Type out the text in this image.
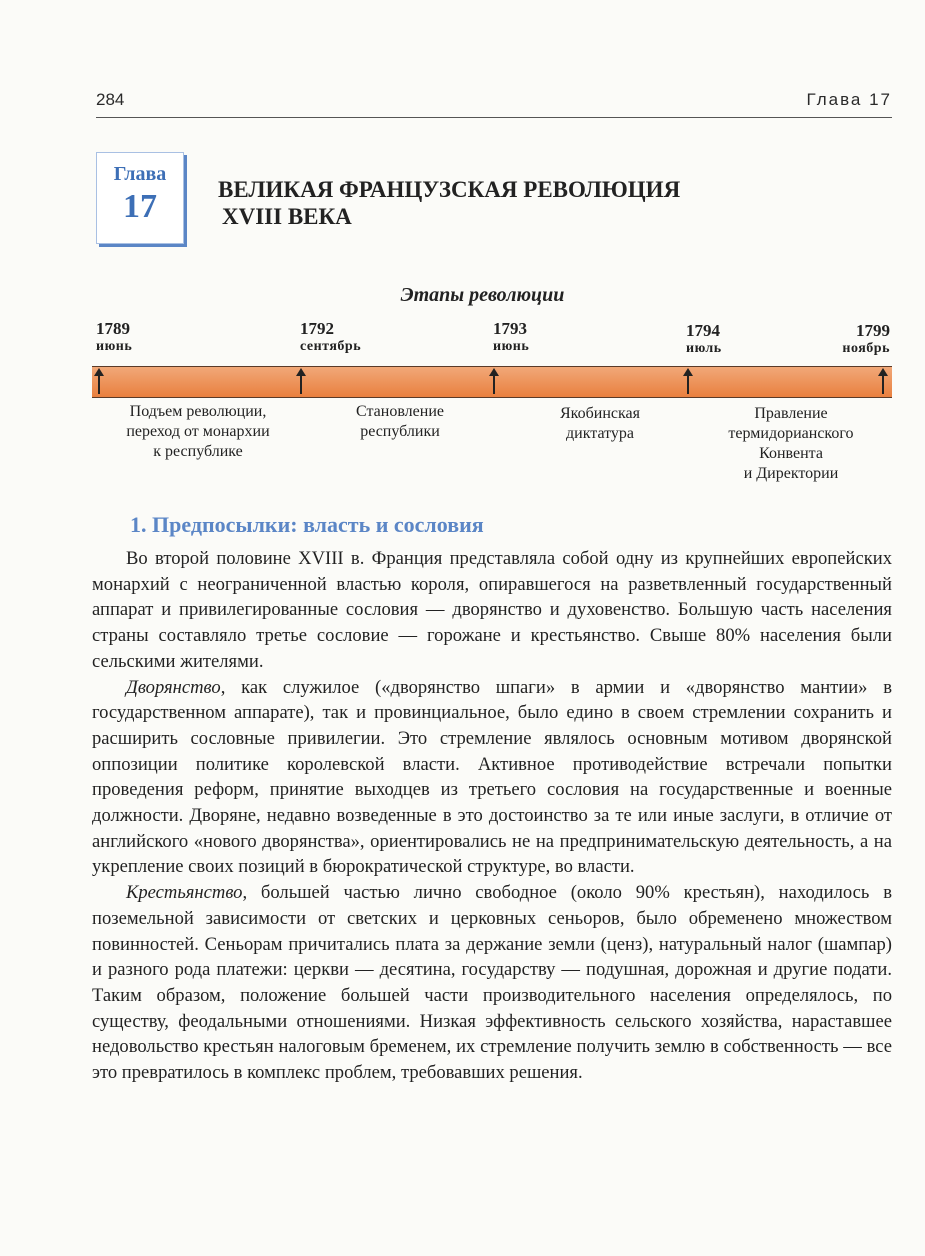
284	Глава 17
Глава
17	ВЕЛИКАЯ ФРАНЦУЗСКАЯ РЕВОЛЮЦИЯ
XVIII ВЕКА
Этапы революции
1789
июнь
1792
сентябрь
1793
июнь
1794
июль
1799
ноябрь
Подъем революции,
переход от монархии
к республике
Становление
республики
Якобинская
диктатура
Правление
термидорианского
Конвента
и Директории
1. Предпосылки: власть и сословия

Во второй половине XVIII в. Франция представляла собой одну из крупнейших европейских монархий с неограниченной властью короля, опиравшегося на разветвленный государственный аппарат и привилегированные сословия — дворянство и духовенство. Большую часть населения страны составляло третье сословие — горожане и крестьянство. Свыше 80% населения были сельскими жителями.

Дворянство, как служилое («дворянство шпаги» в армии и «дворянство мантии» в государственном аппарате), так и провинциальное, было едино в своем стремлении сохранить и расширить сословные привилегии. Это стремление являлось основным мотивом дворянской оппозиции политике королевской власти. Активное противодействие встречали попытки проведения реформ, принятие выходцев из третьего сословия на государственные и военные должности. Дворяне, недавно возведенные в это достоинство за те или иные заслуги, в отличие от английского «нового дворянства», ориентировались не на предпринимательскую деятельность, а на укрепление своих позиций в бюрократической структуре, во власти.

Крестьянство, большей частью лично свободное (около 90% крестьян), находилось в поземельной зависимости от светских и церковных сеньоров, было обременено множеством повинностей. Сеньорам причитались плата за держание земли (ценз), натуральный налог (шампар) и разного рода платежи: церкви — десятина, государству — подушная, дорожная и другие подати. Таким образом, положение большей части производительного населения определялось, по существу, феодальными отношениями. Низкая эффективность сельского хозяйства, нараставшее недовольство крестьян налоговым бременем, их стремление получить землю в собственность — все это превратилось в комплекс проблем, требовавших решения.
